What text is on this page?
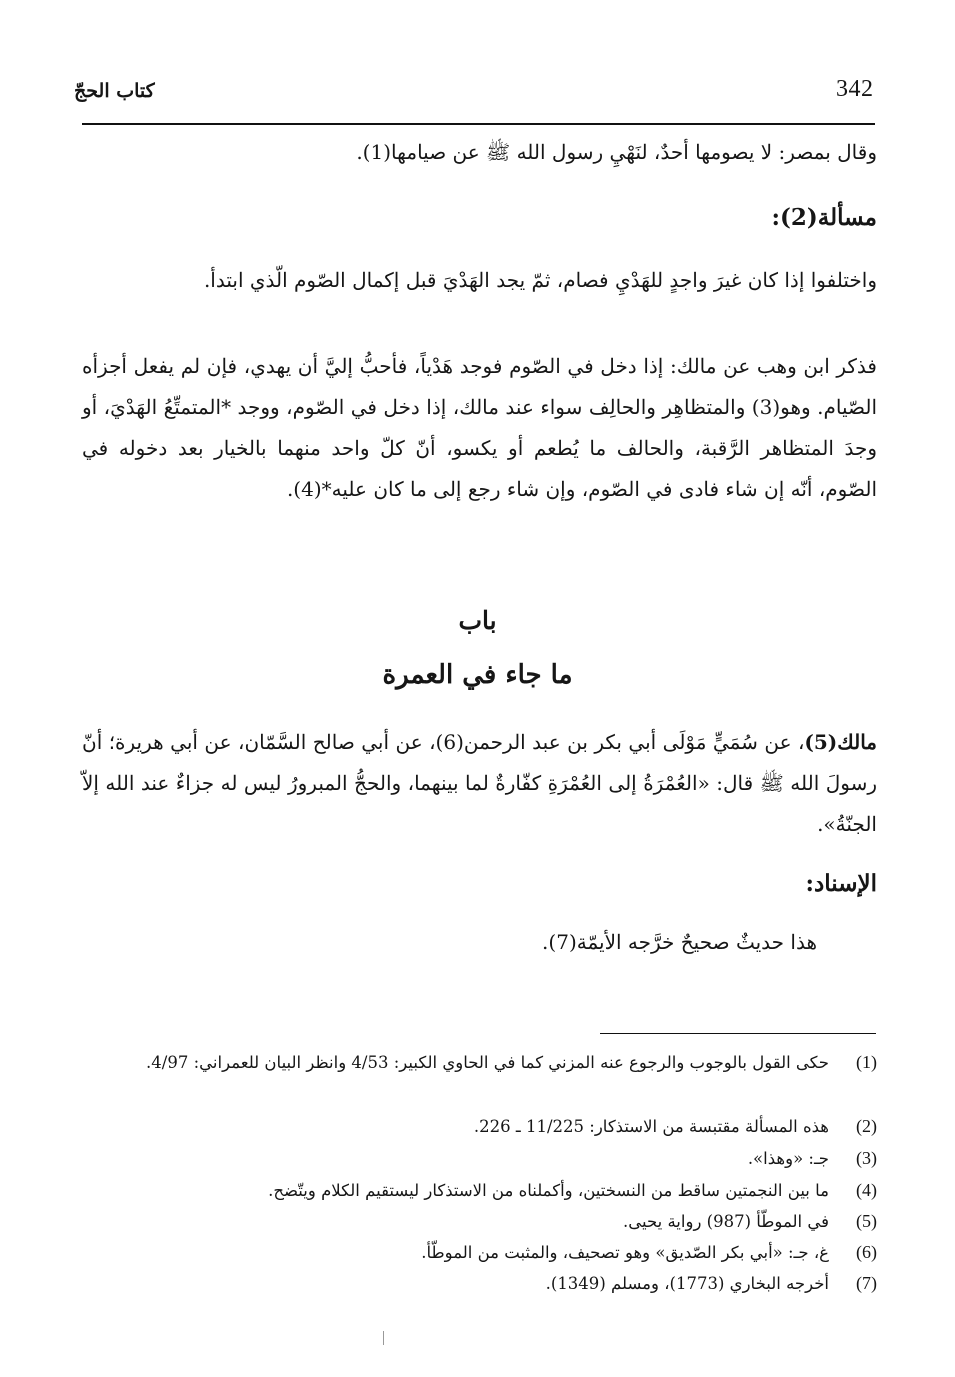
342
كتاب الحجّ
وقال بمصر: لا يصومها أحدٌ، لنَهْيِ رسول الله ﷺ عن صيامها(1).
مسألة(2):
واختلفوا إذا كان غيرَ واجدٍ للهَدْيِ فصام، ثمّ يجد الهَدْيَ قبل إكمال الصّوم الّذي ابتدأ.
فذكر ابن وهب عن مالك: إذا دخل في الصّوم فوجد هَدْياً، فأحبُّ إليَّ أن يهدي، فإن لم يفعل أجزأه الصّيام. وهو(3) والمتظاهِر والحالِف سواء عند مالك، إذا دخل في الصّوم، ووجد *المتمتِّعُ الهَدْيَ، أو وجدَ المتظاهر الرَّقبة، والحالف ما يُطعم أو يكسو، أنّ كلّ واحد منهما بالخيار بعد دخوله في الصّوم، أنّه إن شاء فادى في الصّوم، وإن شاء رجع إلى ما كان عليه*(4).
باب
ما جاء في العمرة
مالك(5)، عن سُمَيٍّ مَوْلَى أبي بكر بن عبد الرحمن(6)، عن أبي صالح السَّمّان، عن أبي هريرة؛ أنّ رسولَ الله ﷺ قال: «العُمْرَةُ إلى العُمْرَةِ كفّارةٌ لما بينهما، والحجُّ المبرورُ ليس له جزاءٌ عند الله إلاّ الجنّةُ».
الإسناد:
هذا حديثٌ صحيحٌ خرَّجه الأيمّة(7).
(1)
حكى القول بالوجوب والرجوع عنه المزني كما في الحاوي الكبير: 4/53 وانظر البيان للعمراني: 4/97.
(2)
هذه المسألة مقتبسة من الاستذكار: 11/225 ـ 226.
(3)
جـ: «وهذا».
(4)
ما بين النجمتين ساقط من النسختين، وأكملناه من الاستذكار ليستقيم الكلام ويتّضح.
(5)
في الموطّأ (987) رواية يحيى.
(6)
غ، جـ: «أبي بكر الصّديق» وهو تصحيف، والمثبت من الموطّأ.
(7)
أخرجه البخاري (1773)، ومسلم (1349).
